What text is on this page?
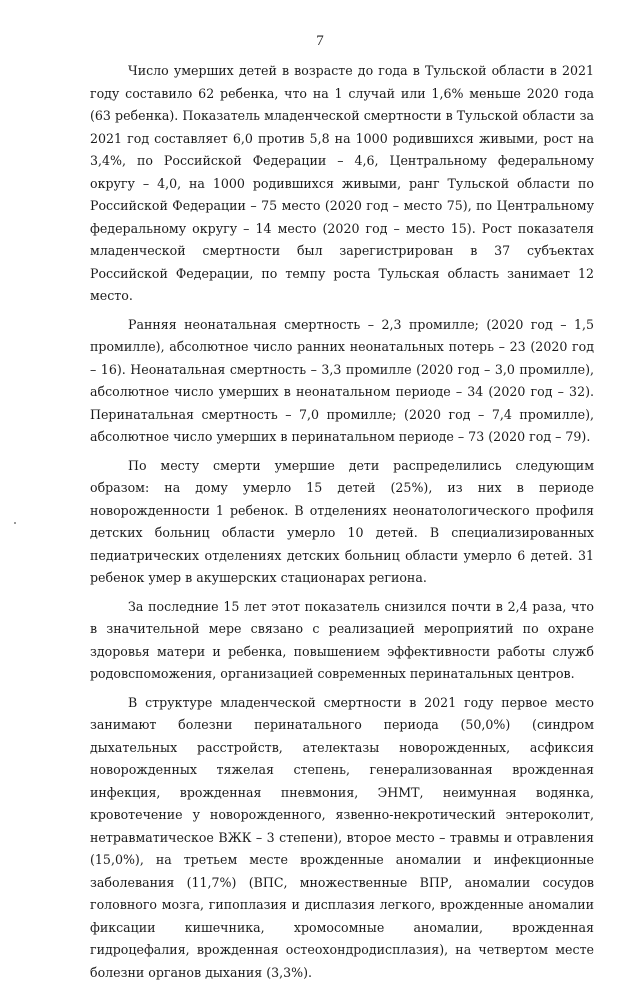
7

Число умерших детей в возрасте до года в Тульской области в 2021 году составило 62 ребенка, что на 1 случай или 1,6% меньше 2020 года (63 ребенка). Показатель младенческой смертности в Тульской области за 2021 год составляет 6,0 против 5,8 на 1000 родившихся живыми, рост на 3,4%, по Российской Федерации – 4,6, Центральному федеральному округу – 4,0, на 1000 родившихся живыми, ранг Тульской области по Российской Федерации – 75 место (2020 год – место 75), по Центральному федеральному округу – 14 место (2020 год – место 15). Рост показателя младенческой смертности был зарегистрирован в 37 субъектах Российской Федерации, по темпу роста Тульская область занимает 12 место.

Ранняя неонатальная смертность – 2,3 промилле; (2020 год – 1,5 промилле), абсолютное число ранних неонатальных потерь – 23 (2020 год – 16). Неонатальная смертность – 3,3 промилле (2020 год – 3,0 промилле), абсолютное число умерших в неонатальном периоде – 34 (2020 год – 32). Перинатальная смертность – 7,0 промилле; (2020 год – 7,4 промилле), абсолютное число умерших в перинатальном периоде – 73 (2020 год – 79).

По месту смерти умершие дети распределились следующим образом: на дому умерло 15 детей (25%), из них в периоде новорожденности 1 ребенок. В отделениях неонатологического профиля детских больниц области умерло 10 детей. В специализированных педиатрических отделениях детских больниц области умерло 6 детей. 31 ребенок умер в акушерских стационарах региона.

За последние 15 лет этот показатель снизился почти в 2,4 раза, что в значительной мере связано с реализацией мероприятий по охране здоровья матери и ребенка, повышением эффективности работы служб родовспоможения, организацией современных перинатальных центров.

В структуре младенческой смертности в 2021 году первое место занимают болезни перинатального периода (50,0%) (синдром дыхательных расстройств, ателектазы новорожденных, асфиксия новорожденных тяжелая степень, генерализованная врожденная инфекция, врожденная пневмония, ЭНМТ, неимунная водянка, кровотечение у новорожденного, язвенно-некротический энтероколит, нетравматическое ВЖК – 3 степени), второе место – травмы и отравления (15,0%), на третьем месте врожденные аномалии и инфекционные заболевания (11,7%) (ВПС, множественные ВПР, аномалии сосудов головного мозга, гипоплазия и дисплазия легкого, врожденные аномалии фиксации кишечника, хромосомные аномалии, врожденная гидроцефалия, врожденная остеохондродисплазия), на четвертом месте болезни органов дыхания (3,3%).
